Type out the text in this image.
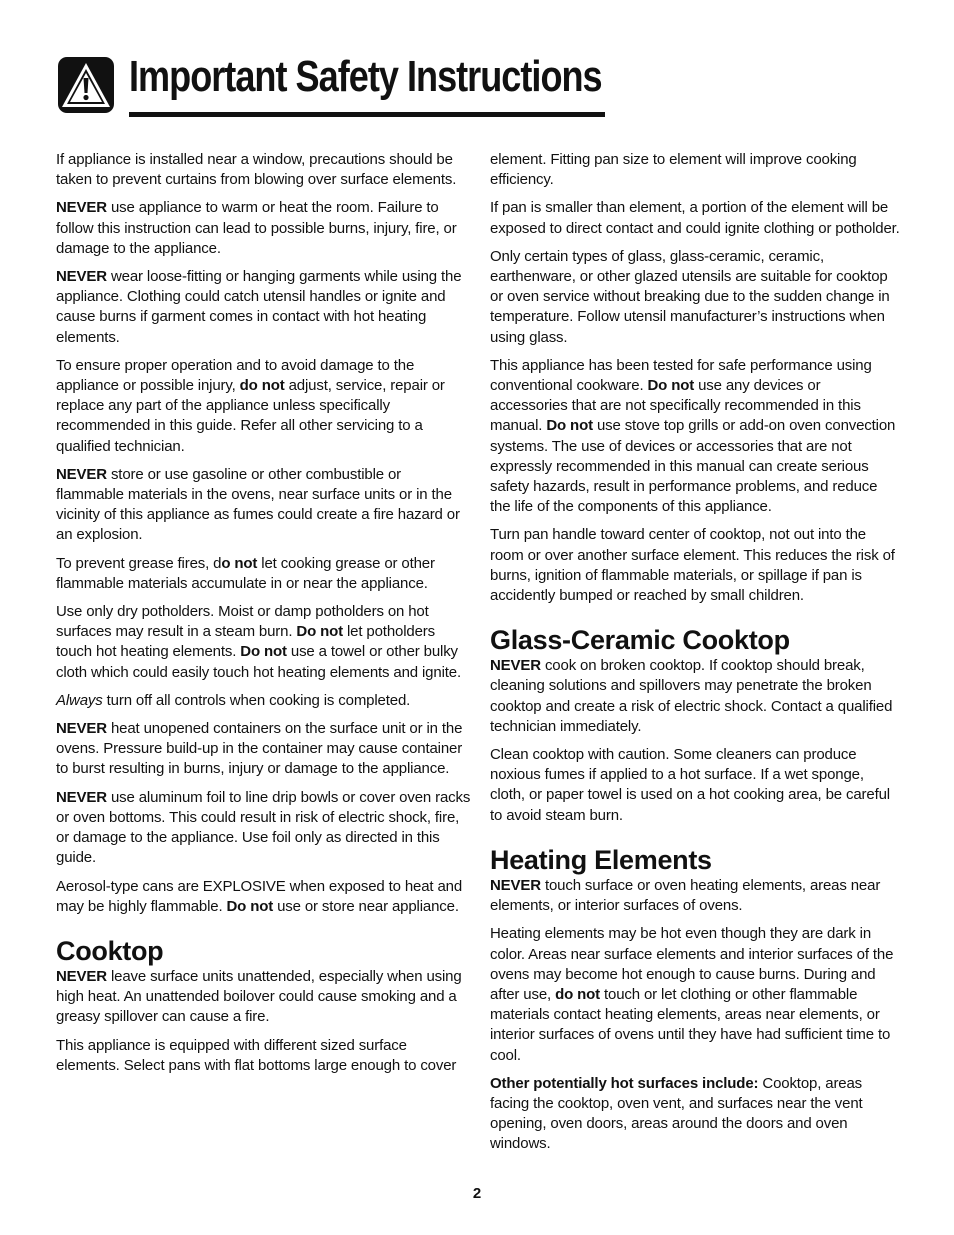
Important Safety Instructions

If appliance is installed near a window, precautions should be taken to prevent curtains from blowing over surface elements.

NEVER use appliance to warm or heat the room. Failure to follow this instruction can lead to possible burns, injury, fire, or damage to the appliance.

NEVER wear loose-fitting or hanging garments while using the appliance. Clothing could catch utensil handles or ignite and cause burns if garment comes in contact with hot heating elements.

To ensure proper operation and to avoid damage to the appliance or possible injury, do not adjust, service, repair or replace any part of the appliance unless specifically recommended in this guide. Refer all other servicing to a qualified technician.

NEVER store or use gasoline or other combustible or flammable materials in the ovens, near surface units or in the vicinity of this appliance as fumes could create a fire hazard or an explosion.

To prevent grease fires, do not let cooking grease or other flammable materials accumulate in or near the appliance.

Use only dry potholders. Moist or damp potholders on hot surfaces may result in a steam burn. Do not let potholders touch hot heating elements. Do not use a towel or other bulky cloth which could easily touch hot heating elements and ignite.

Always turn off all controls when cooking is completed.

NEVER heat unopened containers on the surface unit or in the ovens. Pressure build-up in the container may cause container to burst resulting in burns, injury or damage to the appliance.

NEVER use aluminum foil to line drip bowls or cover oven racks or oven bottoms. This could result in risk of electric shock, fire, or damage to the appliance. Use foil only as directed in this guide.

Aerosol-type cans are EXPLOSIVE when exposed to heat and may be highly flammable. Do not use or store near appliance.

Cooktop

NEVER leave surface units unattended, especially when using high heat. An unattended boilover could cause smoking and a greasy spillover can cause a fire.

This appliance is equipped with different sized surface elements. Select pans with flat bottoms large enough to cover

element. Fitting pan size to element will improve cooking efficiency.

If pan is smaller than element, a portion of the element will be exposed to direct contact and could ignite clothing or potholder.

Only certain types of glass, glass-ceramic, ceramic, earthenware, or other glazed utensils are suitable for cooktop or oven service without breaking due to the sudden change in temperature. Follow utensil manufacturer’s instructions when using glass.

This appliance has been tested for safe performance using conventional cookware. Do not use any devices or accessories that are not specifically recommended in this manual. Do not use stove top grills or add-on oven convection systems. The use of devices or accessories that are not expressly recommended in this manual can create serious safety hazards, result in performance problems, and reduce the life of the components of this appliance.

Turn pan handle toward center of cooktop, not out into the room or over another surface element. This reduces the risk of burns, ignition of flammable materials, or spillage if pan is accidently bumped or reached by small children.

Glass-Ceramic Cooktop

NEVER cook on broken cooktop. If cooktop should break, cleaning solutions and spillovers may penetrate the broken cooktop and create a risk of electric shock. Contact a qualified technician immediately.

Clean cooktop with caution. Some cleaners can produce noxious fumes if applied to a hot surface. If a wet sponge, cloth, or paper towel is used on a hot cooking area, be careful to avoid steam burn.

Heating Elements

NEVER touch surface or oven heating elements, areas near elements, or interior surfaces of ovens.

Heating elements may be hot even though they are dark in color. Areas near surface elements and interior surfaces of the ovens may become hot enough to cause burns. During and after use, do not touch or let clothing or other flammable materials contact heating elements, areas near elements, or interior surfaces of ovens until they have had sufficient time to cool.

Other potentially hot surfaces include: Cooktop, areas facing the cooktop, oven vent, and surfaces near the vent opening, oven doors, areas around the doors and oven windows.

2
